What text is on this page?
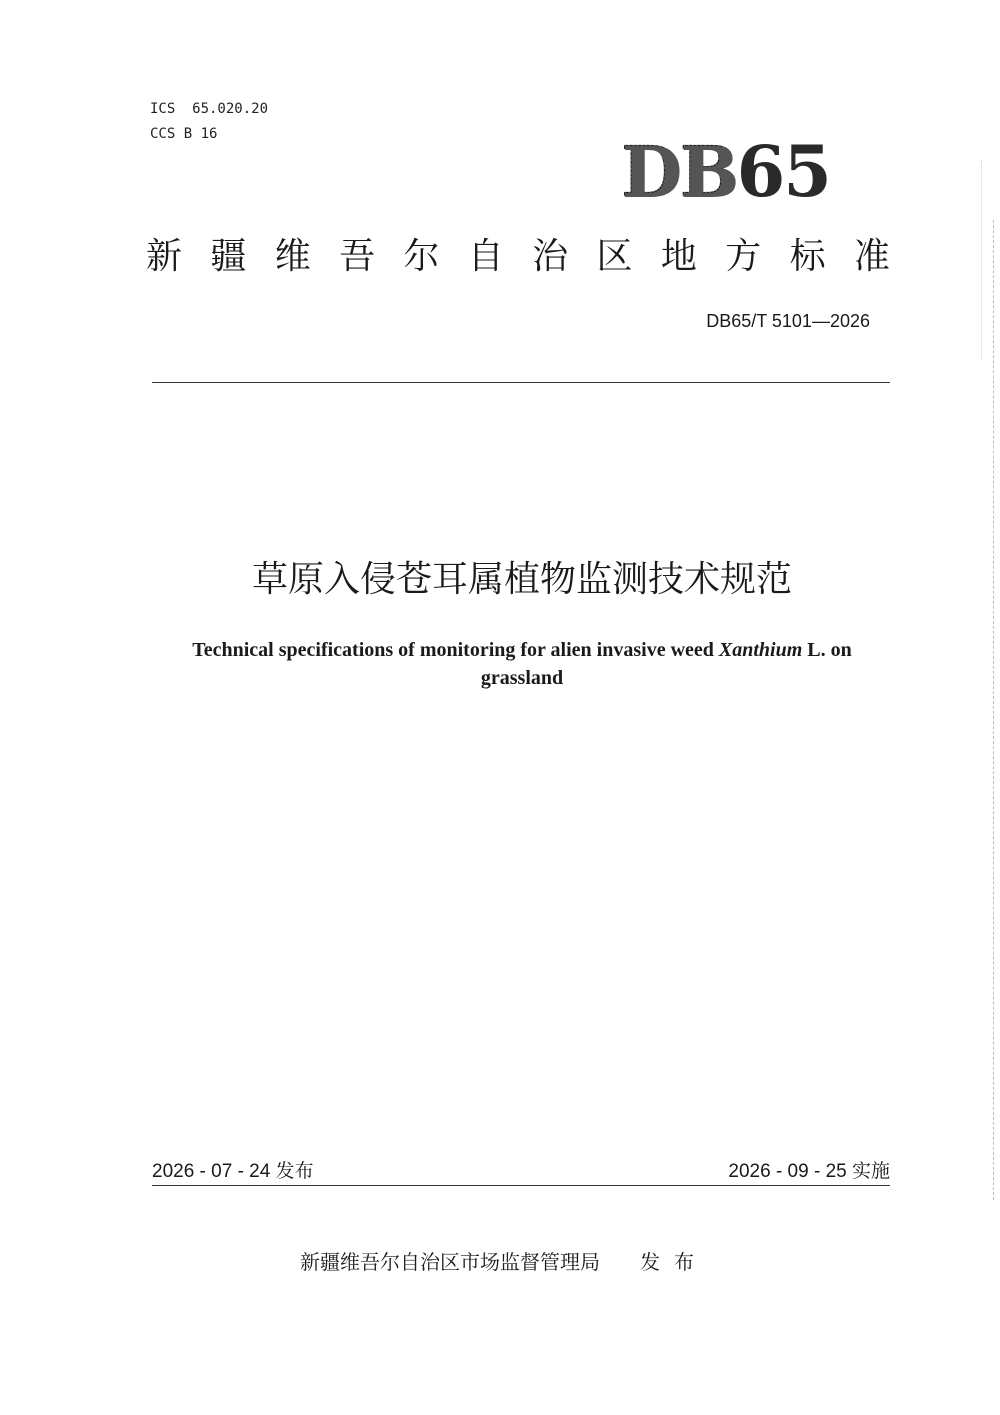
ICS  65.020.20
CCS B 16	DB65
新 疆 维 吾 尔 自 治 区 地 方 标 准
DB65/T 5101—2026
草原入侵苍耳属植物监测技术规范
Technical specifications of monitoring for alien invasive weed Xanthium L. on
grassland
2026 - 07 - 24 发布	2026 - 09 - 25 实施
新疆维吾尔自治区市场监督管理局 发布
